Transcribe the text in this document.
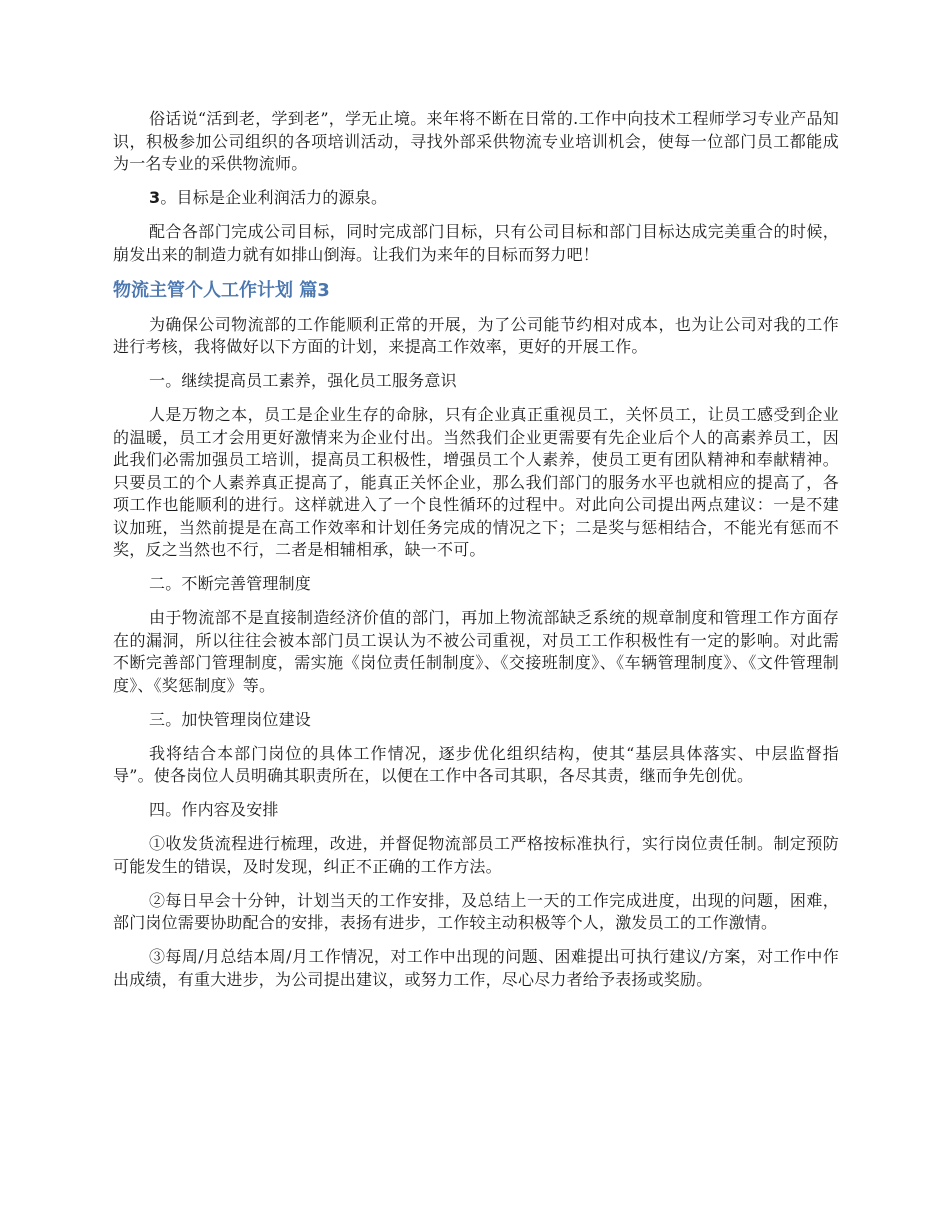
俗话说“活到老，学到老”，学无止境。来年将不断在日常的.工作中向技术工程师学习专业产品知识，积极参加公司组织的各项培训活动，寻找外部采供物流专业培训机会，使每一位部门员工都能成为一名专业的采供物流师。

3。目标是企业利润活力的源泉。

配合各部门完成公司目标，同时完成部门目标，只有公司目标和部门目标达成完美重合的时候，崩发出来的制造力就有如排山倒海。让我们为来年的目标而努力吧！

物流主管个人工作计划 篇3

为确保公司物流部的工作能顺利正常的开展，为了公司能节约相对成本，也为让公司对我的工作进行考核，我将做好以下方面的计划，来提高工作效率，更好的开展工作。

一。继续提高员工素养，强化员工服务意识

人是万物之本，员工是企业生存的命脉，只有企业真正重视员工，关怀员工，让员工感受到企业的温暖，员工才会用更好激情来为企业付出。当然我们企业更需要有先企业后个人的高素养员工，因此我们必需加强员工培训，提高员工积极性，增强员工个人素养，使员工更有团队精神和奉献精神。只要员工的个人素养真正提高了，能真正关怀企业，那么我们部门的服务水平也就相应的提高了，各项工作也能顺利的进行。这样就进入了一个良性循环的过程中。对此向公司提出两点建议：一是不建议加班，当然前提是在高工作效率和计划任务完成的情况之下；二是奖与惩相结合，不能光有惩而不奖，反之当然也不行，二者是相辅相承，缺一不可。

二。不断完善管理制度

由于物流部不是直接制造经济价值的部门，再加上物流部缺乏系统的规章制度和管理工作方面存在的漏洞，所以往往会被本部门员工误认为不被公司重视，对员工工作积极性有一定的影响。对此需不断完善部门管理制度，需实施《岗位责任制制度》、《交接班制度》、《车辆管理制度》、《文件管理制度》、《奖惩制度》等。

三。加快管理岗位建设

我将结合本部门岗位的具体工作情况，逐步优化组织结构，使其“基层具体落实、中层监督指导”。使各岗位人员明确其职责所在，以便在工作中各司其职，各尽其责，继而争先创优。

四。作内容及安排

①收发货流程进行梳理，改进，并督促物流部员工严格按标准执行，实行岗位责任制。制定预防可能发生的错误，及时发现，纠正不正确的工作方法。

②每日早会十分钟，计划当天的工作安排，及总结上一天的工作完成进度，出现的问题，困难，部门岗位需要协助配合的安排，表扬有进步，工作较主动积极等个人，激发员工的工作激情。

③每周/月总结本周/月工作情况，对工作中出现的问题、困难提出可执行建议/方案，对工作中作出成绩，有重大进步，为公司提出建议，或努力工作，尽心尽力者给予表扬或奖励。
